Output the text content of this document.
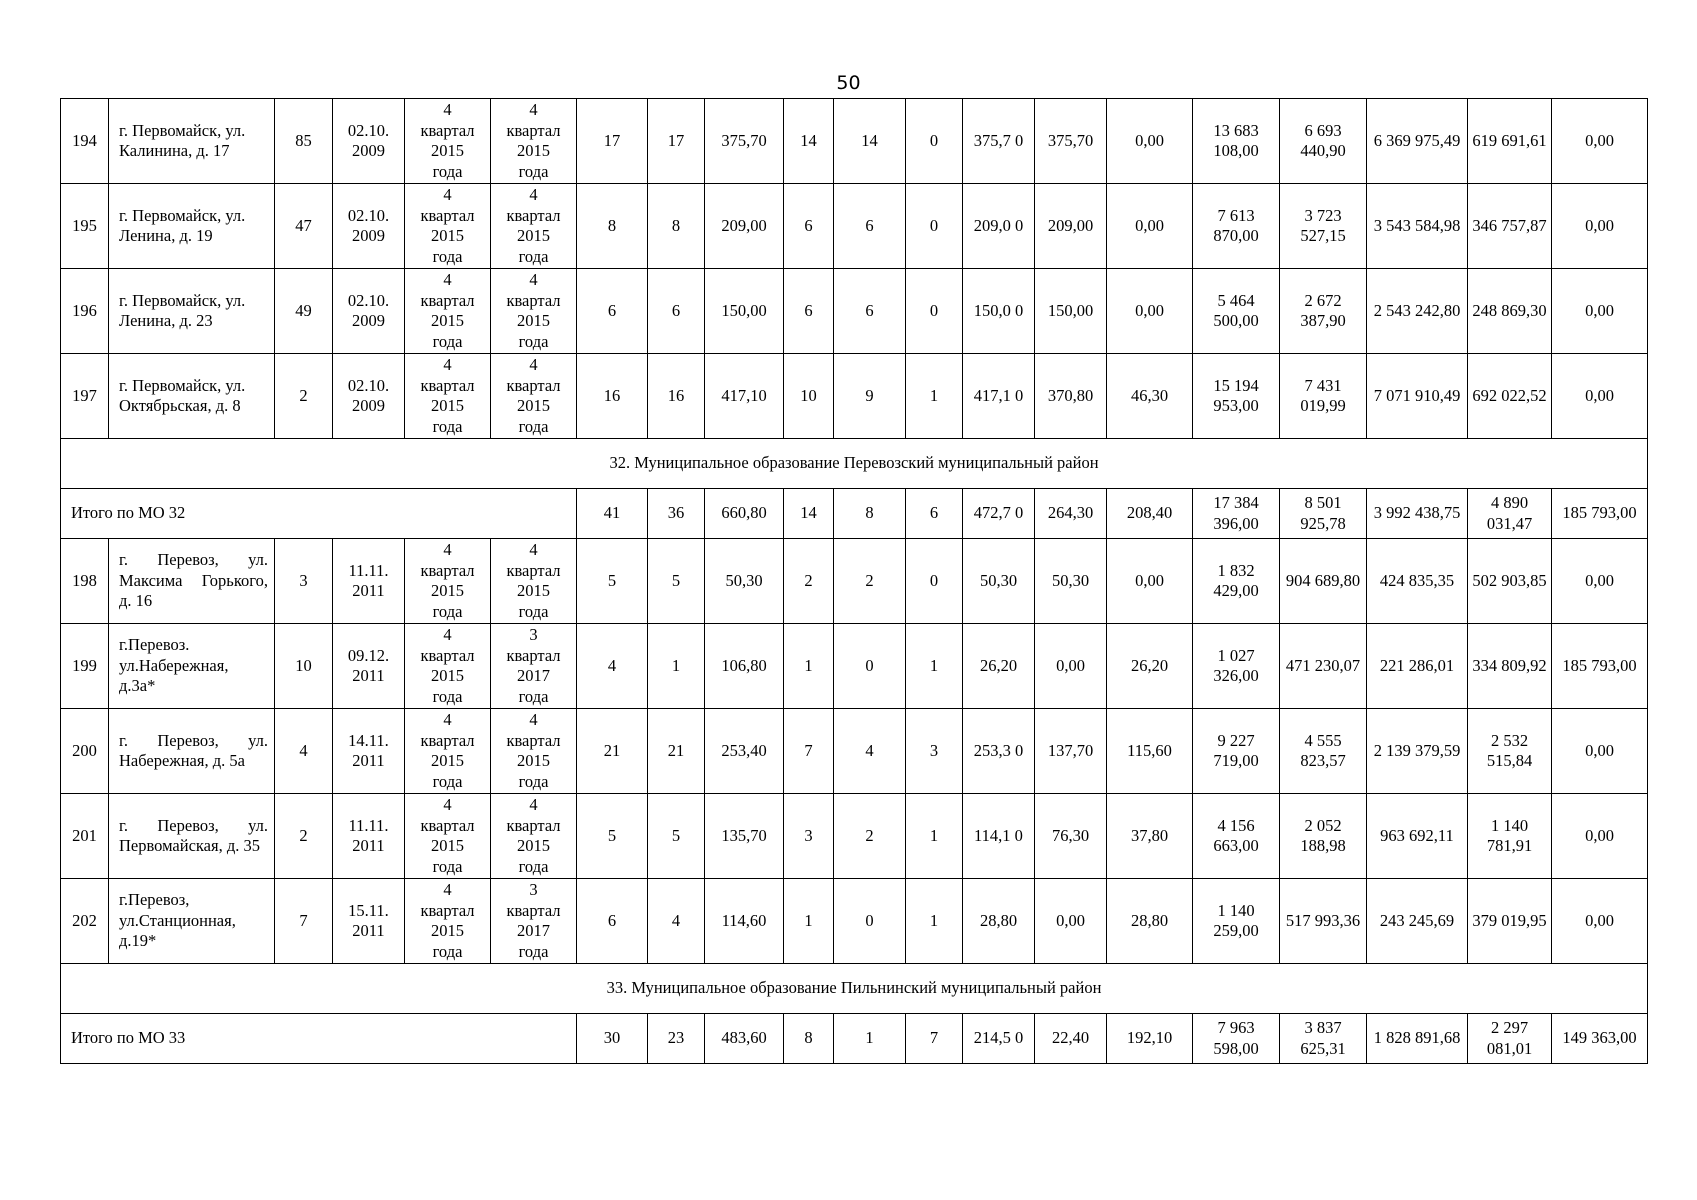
50
194	г. Первомайск, ул. Калинина, д. 17	85	02.10. 2009	4
квартал
2015
года	4
квартал
2015
года	17	17	375,70	14	14	0	375,7 0	375,70	0,00	13 683 108,00	6 693 440,90	6 369 975,49	619 691,61	0,00
195	г. Первомайск, ул. Ленина, д. 19	47	02.10. 2009	4
квартал
2015
года	4
квартал
2015
года	8	8	209,00	6	6	0	209,0 0	209,00	0,00	7 613 870,00	3 723 527,15	3 543 584,98	346 757,87	0,00
196	г. Первомайск, ул. Ленина, д. 23	49	02.10. 2009	4
квартал
2015
года	4
квартал
2015
года	6	6	150,00	6	6	0	150,0 0	150,00	0,00	5 464 500,00	2 672 387,90	2 543 242,80	248 869,30	0,00
197	г. Первомайск, ул. Октябрьская, д. 8	2	02.10. 2009	4
квартал
2015
года	4
квартал
2015
года	16	16	417,10	10	9	1	417,1 0	370,80	46,30	15 194 953,00	7 431 019,99	7 071 910,49	692 022,52	0,00
32. Муниципальное образование Перевозский муниципальный район																			
Итого по МО 32						41	36	660,80	14	8	6	472,7 0	264,30	208,40	17 384 396,00	8 501 925,78	3 992 438,75	4 890 031,47	185 793,00
198	г. Перевоз, ул. Максима Горького, д. 16	3	11.11. 2011	4
квартал
2015
года	4
квартал
2015
года	5	5	50,30	2	2	0	50,30	50,30	0,00	1 832 429,00	904 689,80	424 835,35	502 903,85	0,00
199	г.Перевоз. ул.Набережная, д.3а*	10	09.12. 2011	4
квартал
2015
года	3
квартал
2017
года	4	1	106,80	1	0	1	26,20	0,00	26,20	1 027 326,00	471 230,07	221 286,01	334 809,92	185 793,00
200	г. Перевоз, ул. Набережная, д. 5а	4	14.11. 2011	4
квартал
2015
года	4
квартал
2015
года	21	21	253,40	7	4	3	253,3 0	137,70	115,60	9 227 719,00	4 555 823,57	2 139 379,59	2 532 515,84	0,00
201	г. Перевоз, ул. Первомайская, д. 35	2	11.11. 2011	4
квартал
2015
года	4
квартал
2015
года	5	5	135,70	3	2	1	114,1 0	76,30	37,80	4 156 663,00	2 052 188,98	963 692,11	1 140 781,91	0,00
202	г.Перевоз, ул.Станционная, д.19*	7	15.11. 2011	4
квартал
2015
года	3
квартал
2017
года	6	4	114,60	1	0	1	28,80	0,00	28,80	1 140 259,00	517 993,36	243 245,69	379 019,95	0,00
33. Муниципальное образование Пильнинский муниципальный район																			
Итого по МО 33						30	23	483,60	8	1	7	214,5 0	22,40	192,10	7 963 598,00	3 837 625,31	1 828 891,68	2 297 081,01	149 363,00
